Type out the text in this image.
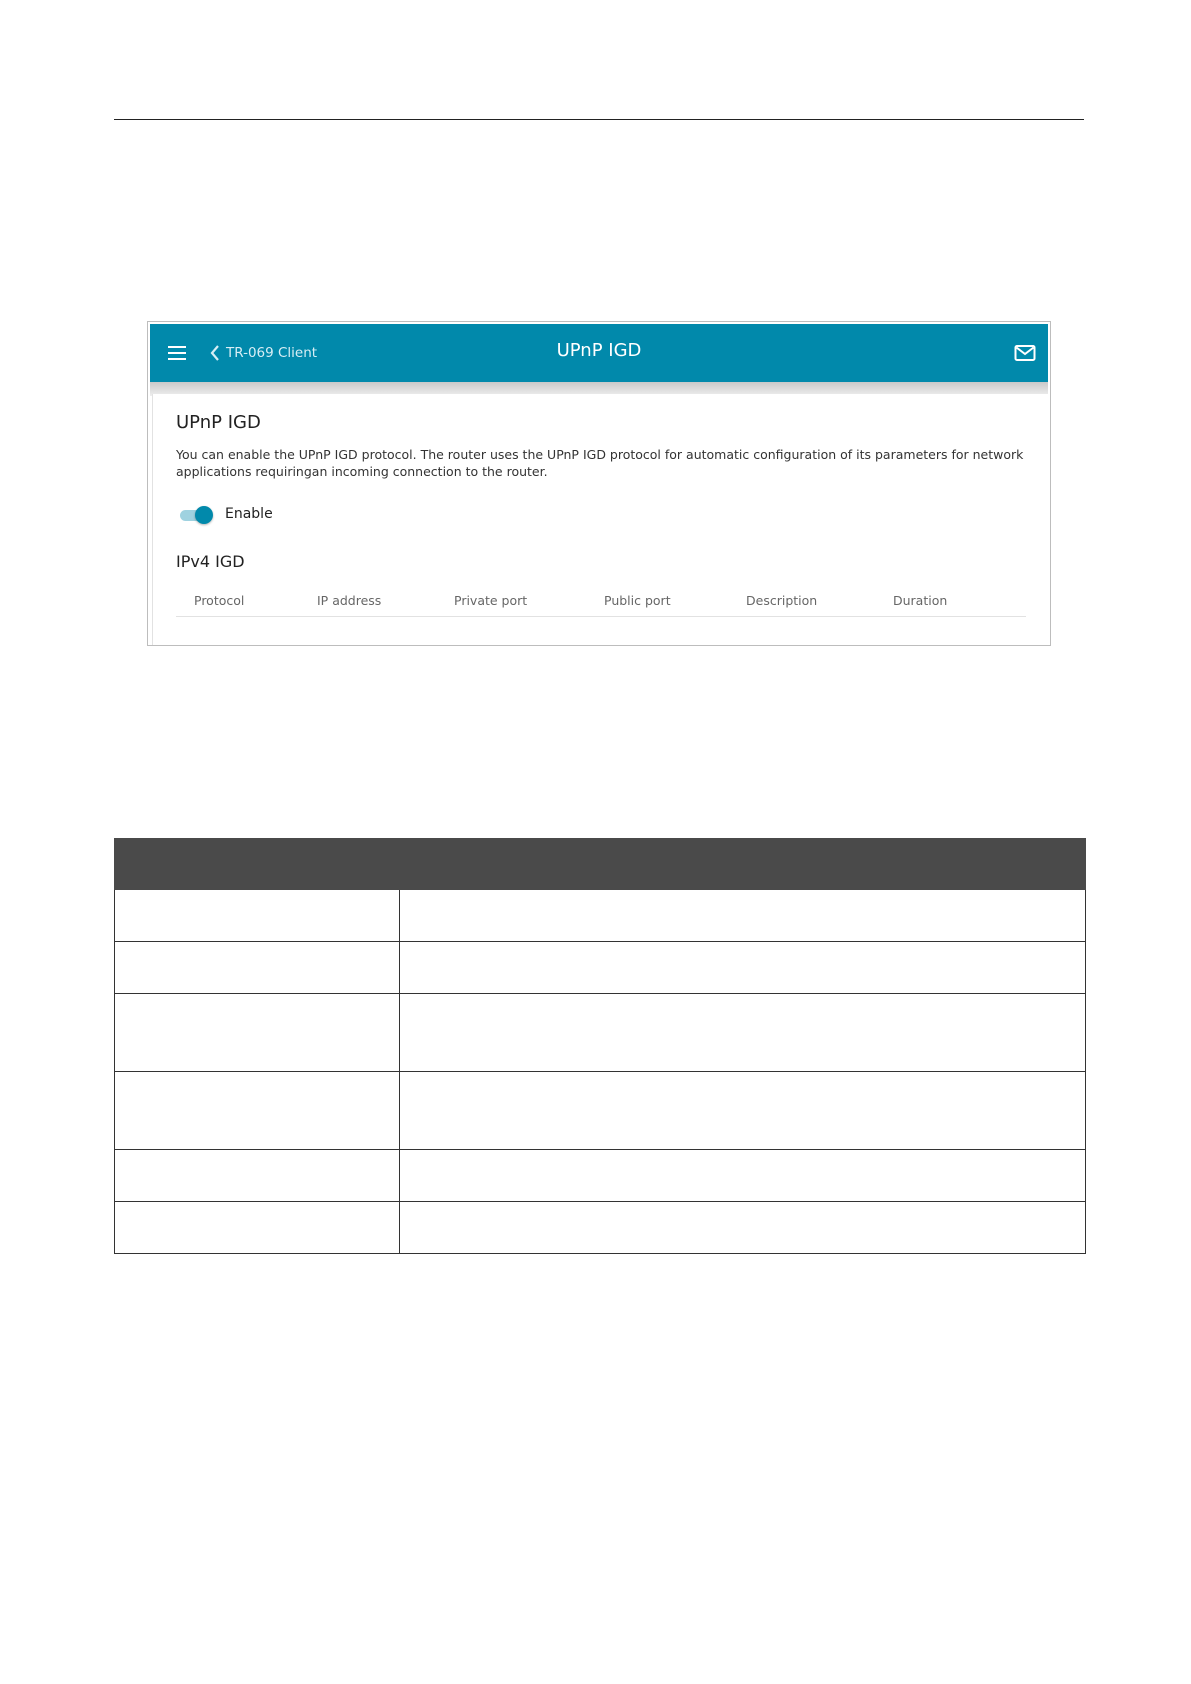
TR-069 Client	UPnP IGD
UPnP IGD
You can enable the UPnP IGD protocol. The router uses the UPnP IGD protocol for automatic configuration of its parameters for network applications requiringan incoming connection to the router.
Enable
IPv4 IGD
Protocol	IP address	Private port	Public port	Description	Duration
